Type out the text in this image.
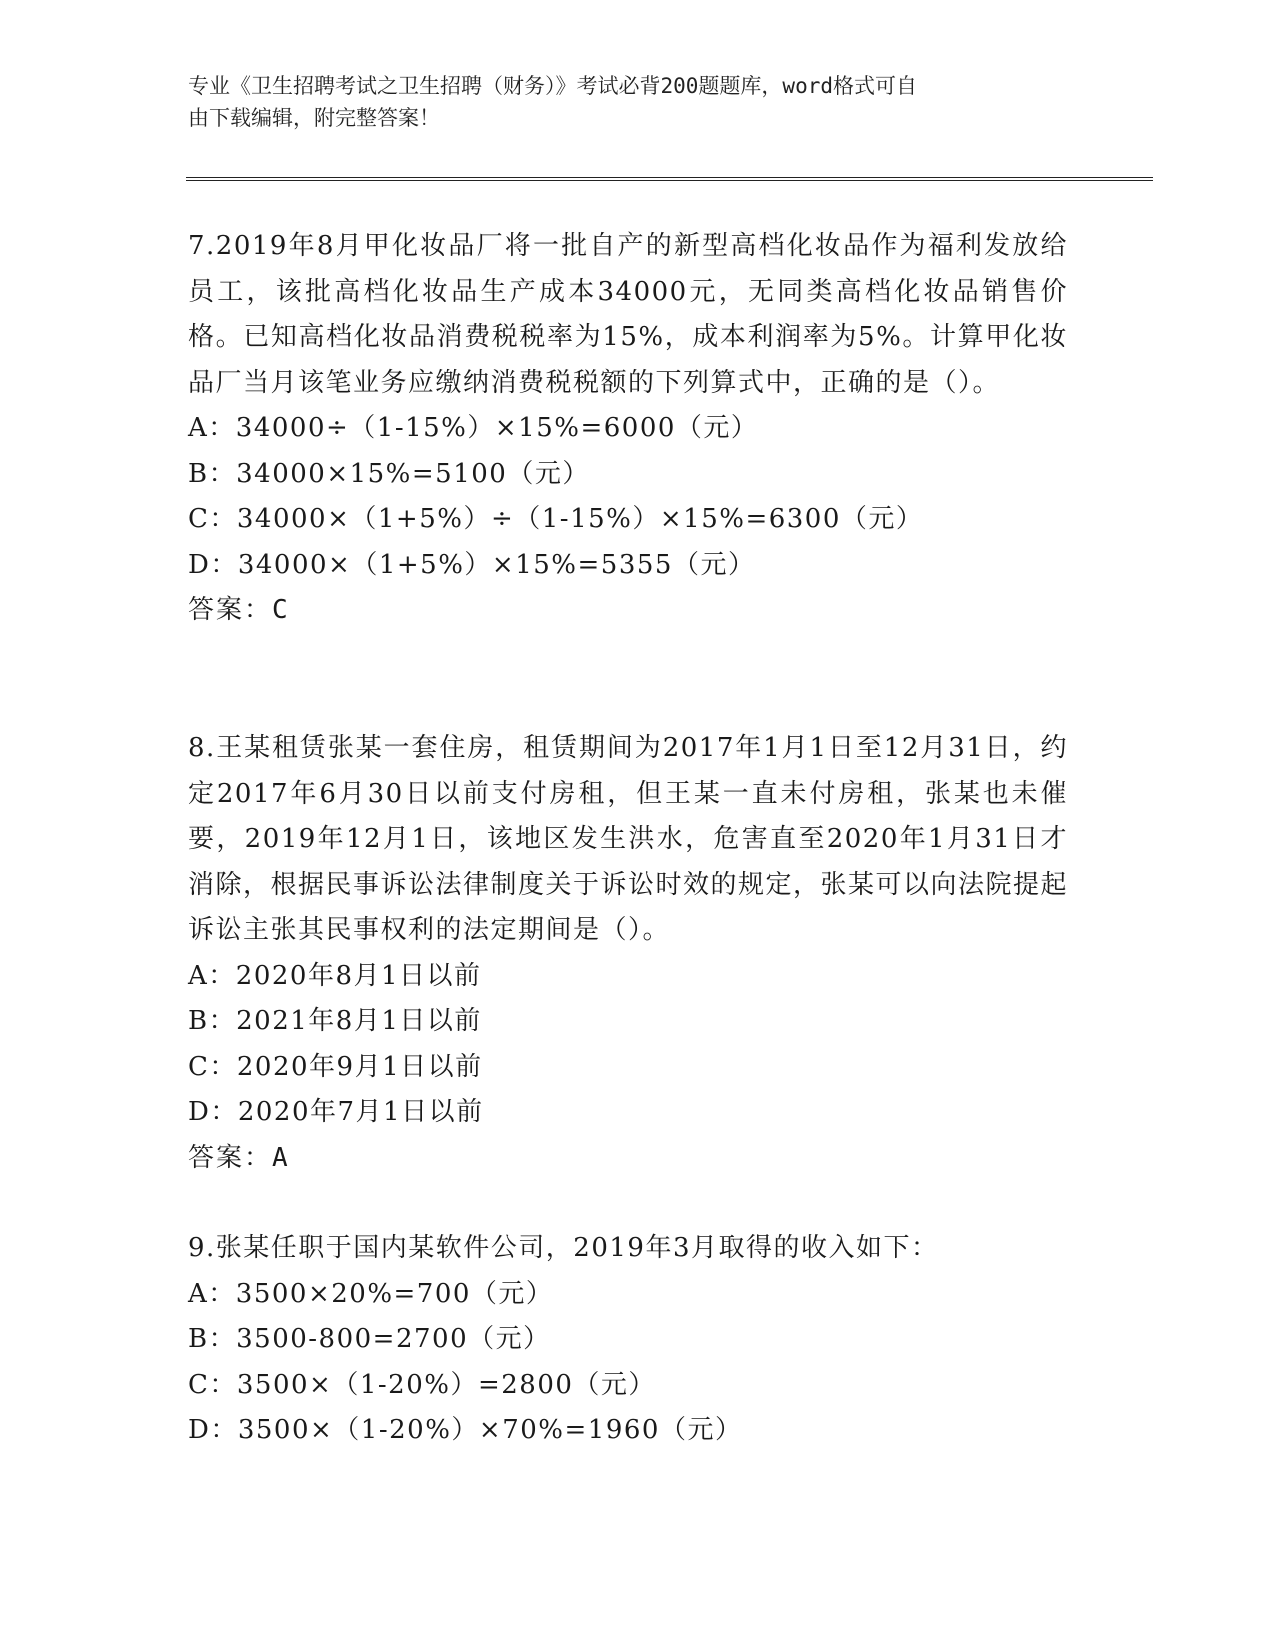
专业《卫生招聘考试之卫生招聘（财务）》考试必背200题题库，word格式可自
由下载编辑，附完整答案！

7.2019年8月甲化妆品厂将一批自产的新型高档化妆品作为福利发放给员工，该批高档化妆品生产成本34000元，无同类高档化妆品销售价格。已知高档化妆品消费税税率为15%，成本利润率为5%。计算甲化妆品厂当月该笔业务应缴纳消费税税额的下列算式中，正确的是（）。

A：34000÷（1-15%）×15%=6000（元）

B：34000×15%=5100（元）

C：34000×（1+5%）÷（1-15%）×15%=6300（元）

D：34000×（1+5%）×15%=5355（元）

答案：C

8.王某租赁张某一套住房，租赁期间为2017年1月1日至12月31日，约定2017年6月30日以前支付房租，但王某一直未付房租，张某也未催要，2019年12月1日，该地区发生洪水，危害直至2020年1月31日才消除，根据民事诉讼法律制度关于诉讼时效的规定，张某可以向法院提起诉讼主张其民事权利的法定期间是（）。

A：2020年8月1日以前

B：2021年8月1日以前

C：2020年9月1日以前

D：2020年7月1日以前

答案：A

9.张某任职于国内某软件公司，2019年3月取得的收入如下：

A：3500×20%=700（元）

B：3500-800=2700（元）

C：3500×（1-20%）=2800（元）

D：3500×（1-20%）×70%=1960（元）
